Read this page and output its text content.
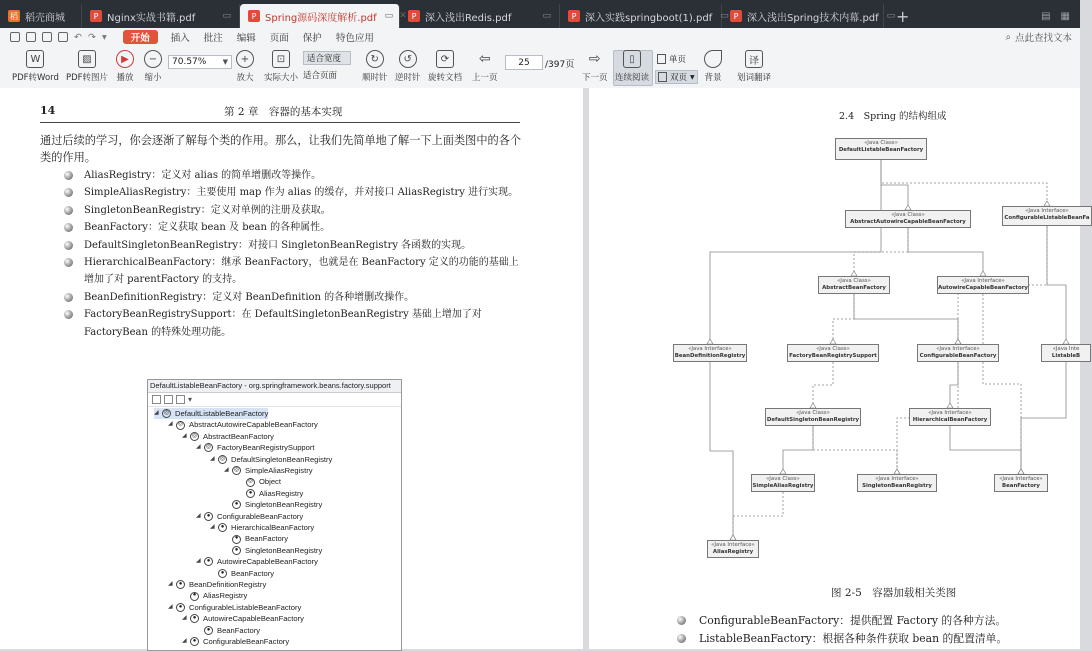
稻 稻壳商城	P Nginx实战书籍.pdf	▭	P Spring源码深度解析.pdf ▭ ✕ P 深入浅出Redis.pdf	▭	P 深入实践springboot(1).pdf ▭ P 深入浅出Spring技术内幕.pdf ▭ +	▤ ▦
↶ ↷ ▾	开始	插入	批注	编辑	页面	保护	特色应用	⌕ 点此查找文本
W
PDF转Word
▨
PDF转图片
▶
播放
−
缩小
70.57% ▼	+
放大
⊡
实际大小
适合宽度
适合页面
↻
顺时针
↺
逆时针
⟳
旋转文档
⇦
上一页
25	/397页 ⇨
下一页
▯
连续阅读
单页
双页 ▼ 背景
译
划词翻译
14	第 2 章　容器的基本实现
通过后续的学习，你会逐渐了解每个类的作用。那么，让我们先简单地了解一下上面类图中的各个类的作用。
AliasRegistry：定义对 alias 的简单增删改等操作。
SimpleAliasRegistry：主要使用 map 作为 alias 的缓存，并对接口 AliasRegistry 进行实现。
SingletonBeanRegistry：定义对单例的注册及获取。
BeanFactory：定义获取 bean 及 bean 的各种属性。
DefaultSingletonBeanRegistry：对接口 SingletonBeanRegistry 各函数的实现。
HierarchicalBeanFactory：继承 BeanFactory，也就是在 BeanFactory 定义的功能的基础上增加了对 parentFactory 的支持。
BeanDefinitionRegistry：定义对 BeanDefinition 的各种增删改操作。
FactoryBeanRegistrySupport：在 DefaultSingletonBeanRegistry 基础上增加了对 FactoryBean 的特殊处理功能。
DefaultListableBeanFactory - org.springframework.beans.factory.support
▾
◢ ◎ DefaultListableBeanFactory
◢ ◎ AbstractAutowireCapableBeanFactory
◢ ◎ AbstractBeanFactory
◢ ◎ FactoryBeanRegistrySupport
◢ ◎ DefaultSingletonBeanRegistry
◢ ◎ SimpleAliasRegistry
◎ Object
● AliasRegistry
● SingletonBeanRegistry
◢	● ConfigurableBeanFactory
◢	● HierarchicalBeanFactory
● BeanFactory
● SingletonBeanRegistry
◢	● AutowireCapableBeanFactory
● BeanFactory
◢	● BeanDefinitionRegistry
● AliasRegistry
◢	● ConfigurableListableBeanFactory
◢	● AutowireCapableBeanFactory
● BeanFactory
◢	● ConfigurableBeanFactory
2.4　Spring 的结构组成
«Java Class»
DefaultListableBeanFactory
«Java Class»
AbstractAutowireCapableBeanFactory
«Java Interface»
ConfigurableListableBeanFa
«Java Class»
AbstractBeanFactory
«Java Interface»
AutowireCapableBeanFactory
«Java Interface»
BeanDefinitionRegistry
«Java Class»
FactoryBeanRegistrySupport
«Java Interface»
ConfigurableBeanFactory
«Java Inte
ListableB
«Java Class»
DefaultSingletonBeanRegistry
«Java Interface»
HierarchicalBeanFactory
«Java Class»
SimpleAliasRegistry
«Java Interface»
SingletonBeanRegistry
«Java Interface»
BeanFactory
«Java Interface»
AliasRegistry
图 2-5　容器加载相关类图
ConfigurableBeanFactory：提供配置 Factory 的各种方法。
ListableBeanFactory：根据各种条件获取 bean 的配置清单。
